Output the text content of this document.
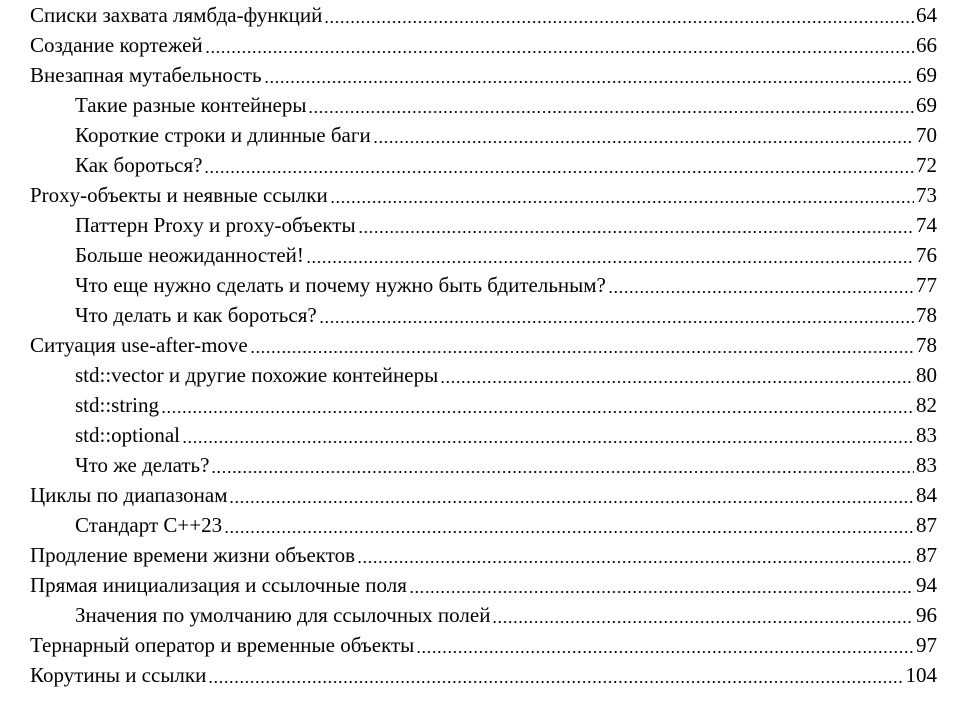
Списки захвата лямбда-функций	64
Создание кортежей	66
Внезапная мутабельность	69
Такие разные контейнеры	69
Короткие строки и длинные баги	70
Как бороться?	72
Proxy-объекты и неявные ссылки	73
Паттерн Proxy и proxy-объекты	74
Больше неожиданностей!	76
Что еще нужно сделать и почему нужно быть бдительным?	77
Что делать и как бороться?	78
Ситуация use-after-move	78
std::vector и другие похожие контейнеры	80
std::string	82
std::optional	83
Что же делать?	83
Циклы по диапазонам	84
Стандарт C++23	87
Продление времени жизни объектов	87
Прямая инициализация и ссылочные поля	94
Значения по умолчанию для ссылочных полей	96
Тернарный оператор и временные объекты	97
Корутины и ссылки	104
